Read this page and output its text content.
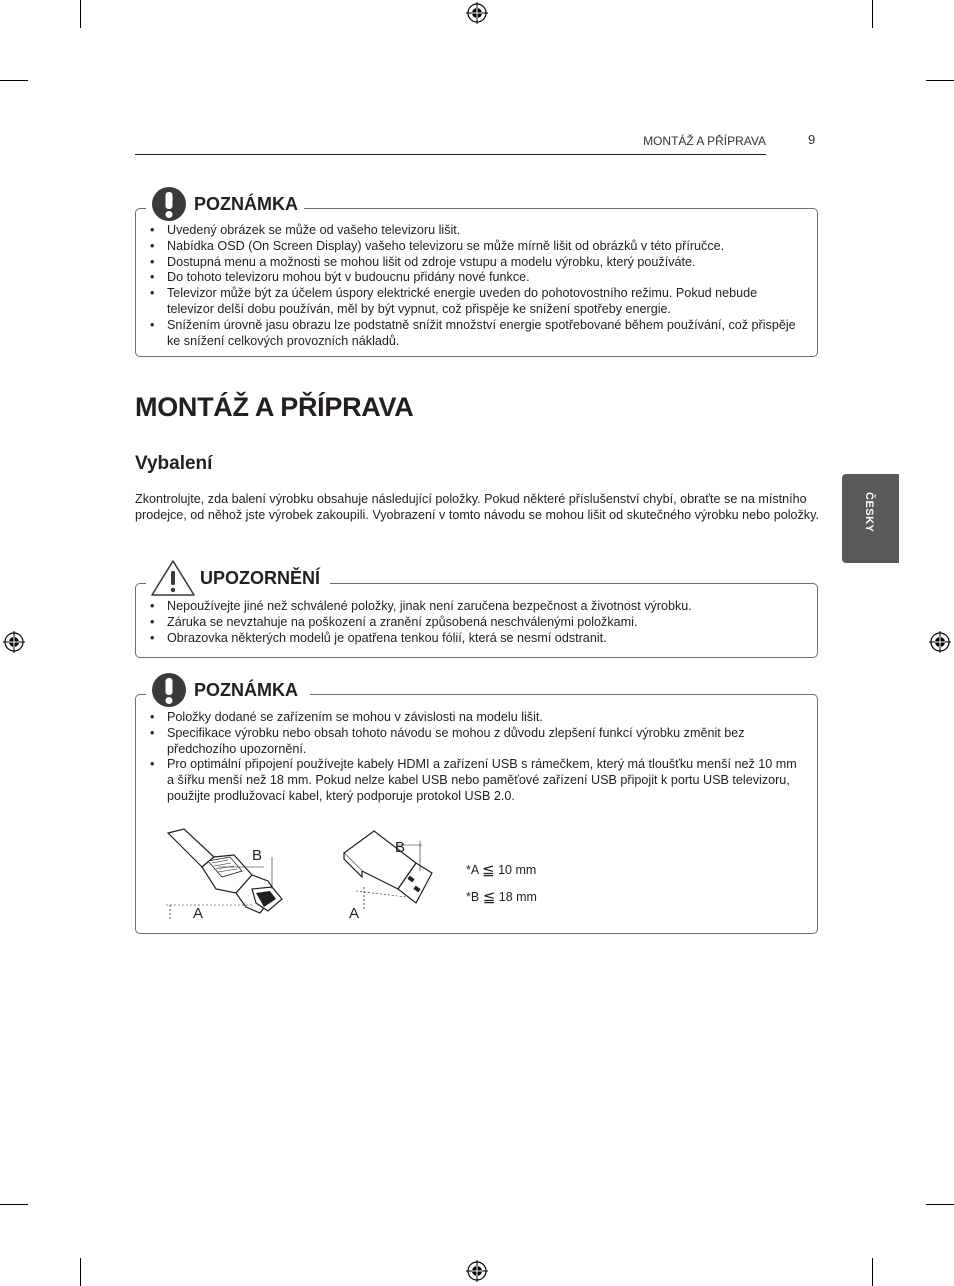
MONTÁŽ A PŘÍPRAVA	9
ČESKY
• Uvedený obrázek se může od vašeho televizoru lišit.
• Nabídka OSD (On Screen Display) vašeho televizoru se může mírně lišit od obrázků v této příručce.
• Dostupná menu a možnosti se mohou lišit od zdroje vstupu a modelu výrobku, který používáte.
• Do tohoto televizoru mohou být v budoucnu přidány nové funkce.
• Televizor může být za účelem úspory elektrické energie uveden do pohotovostního režimu. Pokud nebude televizor delší dobu používán, měl by být vypnut, což přispěje ke snížení spotřeby energie.
• Snížením úrovně jasu obrazu lze podstatně snížit množství energie spotřebované během používání, což přispěje ke snížení celkových provozních nákladů.
POZNÁMKA
MONTÁŽ A PŘÍPRAVA
Vybalení
Zkontrolujte, zda balení výrobku obsahuje následující položky. Pokud některé příslušenství chybí, obraťte se na místního prodejce, od něhož jste výrobek zakoupili. Vyobrazení v tomto návodu se mohou lišit od skutečného výrobku nebo položky.
• Nepoužívejte jiné než schválené položky, jinak není zaručena bezpečnost a životnost výrobku.
• Záruka se nevztahuje na poškození a zranění způsobená neschválenými položkami.
• Obrazovka některých modelů je opatřena tenkou fólií, která se nesmí odstranit.
UPOZORNĚNÍ
• Položky dodané se zařízením se mohou v závislosti na modelu lišit.
• Specifikace výrobku nebo obsah tohoto návodu se mohou z důvodu zlepšení funkcí výrobku změnit bez předchozího upozornění.
• Pro optimální připojení používejte kabely HDMI a zařízení USB s rámečkem, který má tloušťku menší než 10 mm a šířku menší než 18 mm. Pokud nelze kabel USB nebo paměťové zařízení USB připojit k portu USB televizoru, použijte prodlužovací kabel, který podporuje protokol USB 2.0.
B
A
B
A
*A ≦ 10 mm
*B ≦ 18 mm
POZNÁMKA
